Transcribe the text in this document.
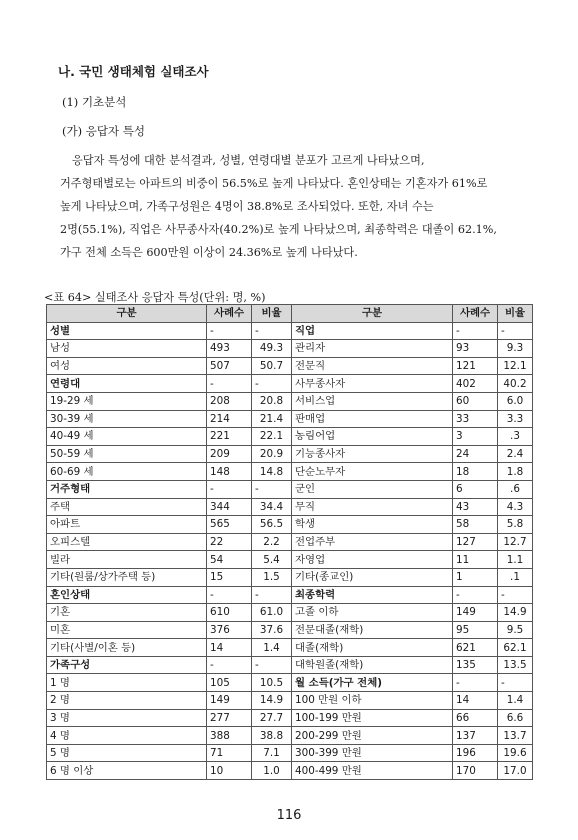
나. 국민 생태체험 실태조사
(1) 기초분석
(가) 응답자 특성
응답자 특성에 대한 분석결과, 성별, 연령대별 분포가 고르게 나타났으며,
거주형태별로는 아파트의 비중이 56.5%로 높게 나타났다. 혼인상태는 기혼자가 61%로
높게 나타났으며, 가족구성원은 4명이 38.8%로 조사되었다. 또한, 자녀 수는
2명(55.1%), 직업은 사무종사자(40.2%)로 높게 나타났으며, 최종학력은 대졸이 62.1%,
가구 전체 소득은 600만원 이상이 24.36%로 높게 나타났다.
<표 64> 실태조사 응답자 특성(단위: 명, %)
구분	사례수	비율	구분	사례수	비율
성별	-	-	직업	-	-
남성	493	49.3	관리자	93	9.3
여성	507	50.7	전문직	121	12.1
연령대	-	-	사무종사자	402	40.2
19-29 세	208	20.8	서비스업	60	6.0
30-39 세	214	21.4	판매업	33	3.3
40-49 세	221	22.1	농림어업	3	.3
50-59 세	209	20.9	기능종사자	24	2.4
60-69 세	148	14.8	단순노무자	18	1.8
거주형태	-	-	군인	6	.6
주택	344	34.4	무직	43	4.3
아파트	565	56.5	학생	58	5.8
오피스텔	22	2.2	전업주부	127	12.7
빌라	54	5.4	자영업	11	1.1
기타(원룸/상가주택 등)	15	1.5	기타(종교인)	1	.1
혼인상태	-	-	최종학력	-	-
기혼	610	61.0	고졸 이하	149	14.9
미혼	376	37.6	전문대졸(재학)	95	9.5
기타(사별/이혼 등)	14	1.4	대졸(재학)	621	62.1
가족구성	-	-	대학원졸(재학)	135	13.5
1 명	105	10.5	월 소득(가구 전체)	-	-
2 명	149	14.9	100 만원 이하	14	1.4
3 명	277	27.7	100-199 만원	66	6.6
4 명	388	38.8	200-299 만원	137	13.7
5 명	71	7.1	300-399 만원	196	19.6
6 명 이상	10	1.0	400-499 만원	170	17.0
116
